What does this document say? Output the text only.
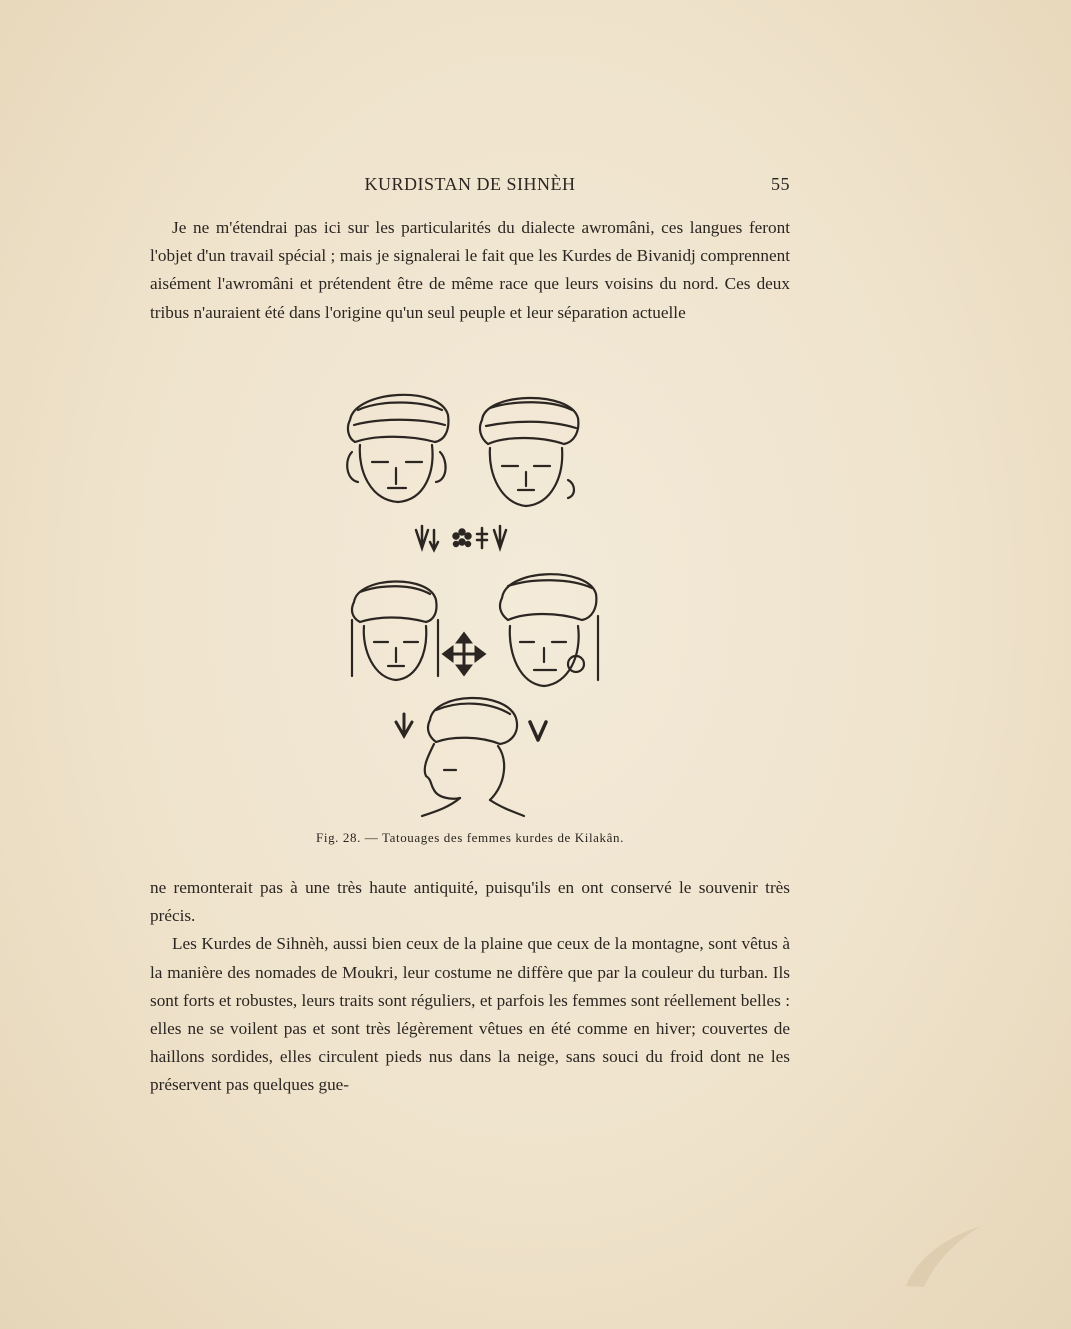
KURDISTAN DE SIHNÈH	55

Je ne m'étendrai pas ici sur les particularités du dialecte awromâni, ces langues feront l'objet d'un travail spécial ; mais je signalerai le fait que les Kurdes de Bivanidj comprennent aisément l'awromâni et prétendent être de même race que leurs voisins du nord. Ces deux tribus n'auraient été dans l'origine qu'un seul peuple et leur séparation actuelle

Fig. 28. — Tatouages des femmes kurdes de Kilakân.

ne remonterait pas à une très haute antiquité, puisqu'ils en ont conservé le souvenir très précis.

Les Kurdes de Sihnèh, aussi bien ceux de la plaine que ceux de la montagne, sont vêtus à la manière des nomades de Moukri, leur costume ne diffère que par la couleur du turban. Ils sont forts et robustes, leurs traits sont réguliers, et parfois les femmes sont réellement belles : elles ne se voilent pas et sont très légèrement vêtues en été comme en hiver; couvertes de haillons sordides, elles circulent pieds nus dans la neige, sans souci du froid dont ne les préservent pas quelques gue-
